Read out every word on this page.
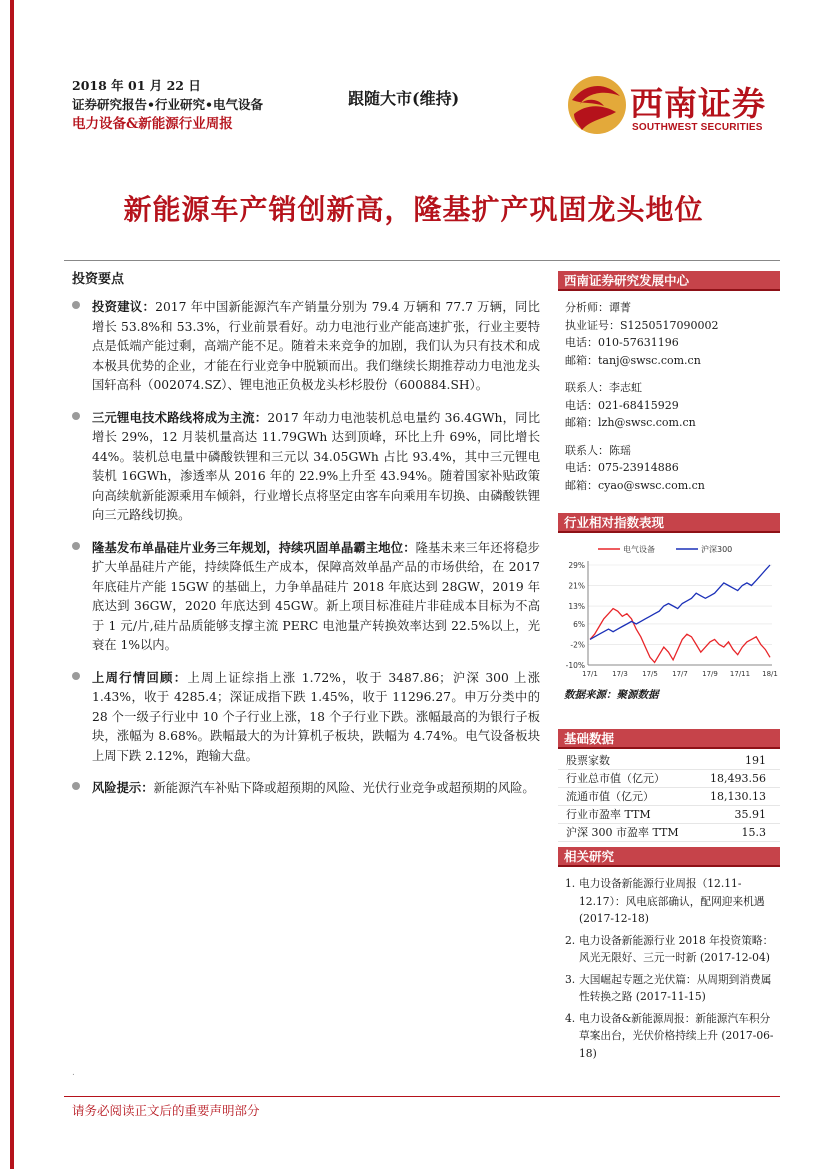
2018 年 01 月 22 日
证券研究报告•行业研究•电气设备
电力设备&新能源行业周报
跟随大市(维持)	西南证券
SOUTHWEST SECURITIES
新能源车产销创新高，隆基扩产巩固龙头地位
投资要点
投资建议：2017 年中国新能源汽车产销量分别为 79.4 万辆和 77.7 万辆，同比增长 53.8%和 53.3%，行业前景看好。动力电池行业产能高速扩张，行业主要特点是低端产能过剩，高端产能不足。随着未来竞争的加剧，我们认为只有技术和成本极具优势的企业，才能在行业竞争中脱颖而出。我们继续长期推荐动力电池龙头国轩高科（002074.SZ）、锂电池正负极龙头杉杉股份（600884.SH）。
三元锂电技术路线将成为主流：2017 年动力电池装机总电量约 36.4GWh，同比增长 29%，12 月装机量高达 11.79GWh 达到顶峰，环比上升 69%，同比增长 44%。装机总电量中磷酸铁锂和三元以 34.05GWh 占比 93.4%，其中三元锂电装机 16GWh，渗透率从 2016 年的 22.9%上升至 43.94%。随着国家补贴政策向高续航新能源乘用车倾斜，行业增长点将坚定由客车向乘用车切换、由磷酸铁锂向三元路线切换。
隆基发布单晶硅片业务三年规划，持续巩固单晶霸主地位：隆基未来三年还将稳步扩大单晶硅片产能，持续降低生产成本，保障高效单晶产品的市场供给，在 2017 年底硅片产能 15GW 的基础上，力争单晶硅片 2018 年底达到 28GW，2019 年底达到 36GW，2020 年底达到 45GW。新上项目标准硅片非硅成本目标为不高于 1 元/片,硅片品质能够支撑主流 PERC 电池量产转换效率达到 22.5%以上，光衰在 1%以内。
上周行情回顾：上周上证综指上涨 1.72%，收于 3487.86；沪深 300 上涨 1.43%，收于 4285.4；深证成指下跌 1.45%，收于 11296.27。申万分类中的 28 个一级子行业中 10 个子行业上涨，18 个子行业下跌。涨幅最高的为银行子板块，涨幅为 8.68%。跌幅最大的为计算机子板块，跌幅为 4.74%。电气设备板块上周下跌 2.12%，跑输大盘。
风险提示：新能源汽车补贴下降或超预期的风险、光伏行业竞争或超预期的风险。
西南证券研究发展中心
分析师：谭菁
执业证号：S1250517090002
电话：010-57631196
邮箱：tanj@swsc.com.cn
联系人：李志虹
电话：021-68415929
邮箱：lzh@swsc.com.cn
联系人：陈瑶
电话：075-23914886
邮箱：cyao@swsc.com.cn
行业相对指数表现
电气设备	沪深300
29%
21%
13%
6%
-2%
-10%
17/1 17/3 17/5 17/7 17/9 17/11 18/1
数据来源：聚源数据
基础数据
股票家数	191
行业总市值（亿元）	18,493.56
流通市值（亿元）	18,130.13
行业市盈率 TTM	35.91
沪深 300 市盈率 TTM	15.3
相关研究
1. 电力设备新能源行业周报（12.11-12.17）：风电底部确认，配网迎来机遇 (2017-12-18)
2. 电力设备新能源行业 2018 年投资策略：风光无限好、三元一时新 (2017-12-04)
3. 大国崛起专题之光伏篇：从周期到消费属性转换之路 (2017-11-15)
4. 电力设备&新能源周报：新能源汽车积分草案出台，光伏价格持续上升 (2017-06-18)
.
请务必阅读正文后的重要声明部分
